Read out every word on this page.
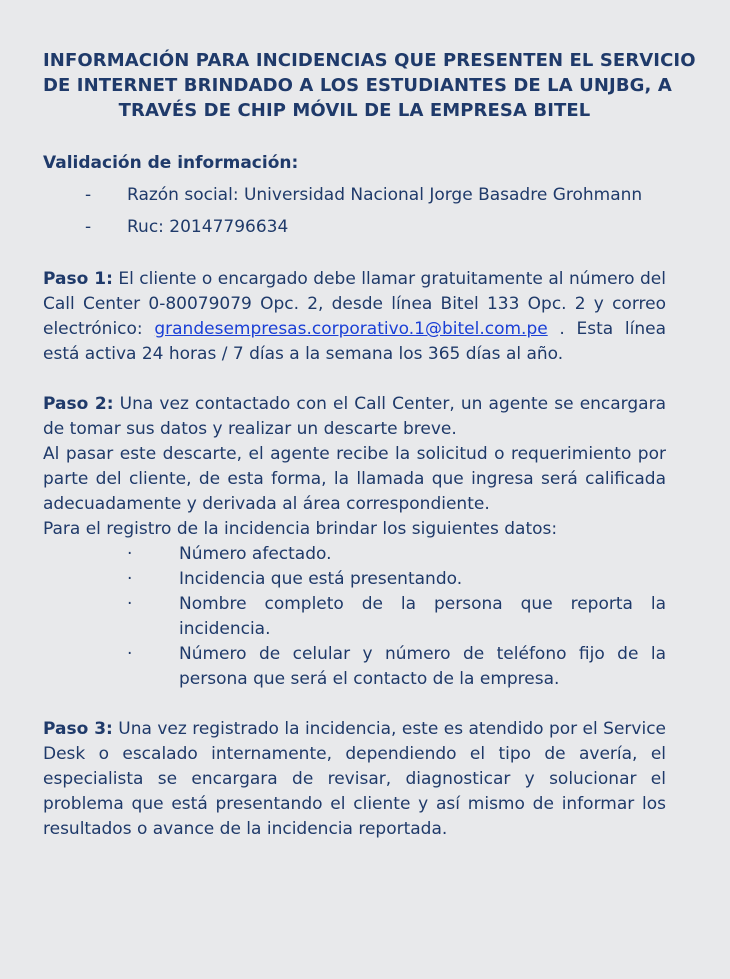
INFORMACIÓN PARA INCIDENCIAS QUE PRESENTEN EL SERVICIO
DE INTERNET BRINDADO A LOS ESTUDIANTES DE LA UNJBG, A
TRAVÉS DE CHIP MÓVIL DE LA EMPRESA BITEL

Validación de información:

- Razón social: Universidad Nacional Jorge Basadre Grohmann
- Ruc: 20147796634

Paso 1: El cliente o encargado debe llamar gratuitamente al número del Call Center 0-80079079 Opc. 2, desde línea Bitel 133 Opc. 2 y correo electrónico: grandesempresas.corporativo.1@bitel.com.pe . Esta línea está activa 24 horas / 7 días a la semana los 365 días al año.

Paso 2: Una vez contactado con el Call Center, un agente se encargara de tomar sus datos y realizar un descarte breve.

Al pasar este descarte, el agente recibe la solicitud o requerimiento por parte del cliente, de esta forma, la llamada que ingresa será calificada adecuadamente y derivada al área correspondiente.

Para el registro de la incidencia brindar los siguientes datos:

·	Número afectado.
·	Incidencia que está presentando.
·	Nombre completo de la persona que reporta la incidencia.
·	Número de celular y número de teléfono fijo de la persona que será el contacto de la empresa.

Paso 3: Una vez registrado la incidencia, este es atendido por el Service Desk o escalado internamente, dependiendo el tipo de avería, el especialista se encargara de revisar, diagnosticar y solucionar el problema que está presentando el cliente y así mismo de informar los resultados o avance de la incidencia reportada.
